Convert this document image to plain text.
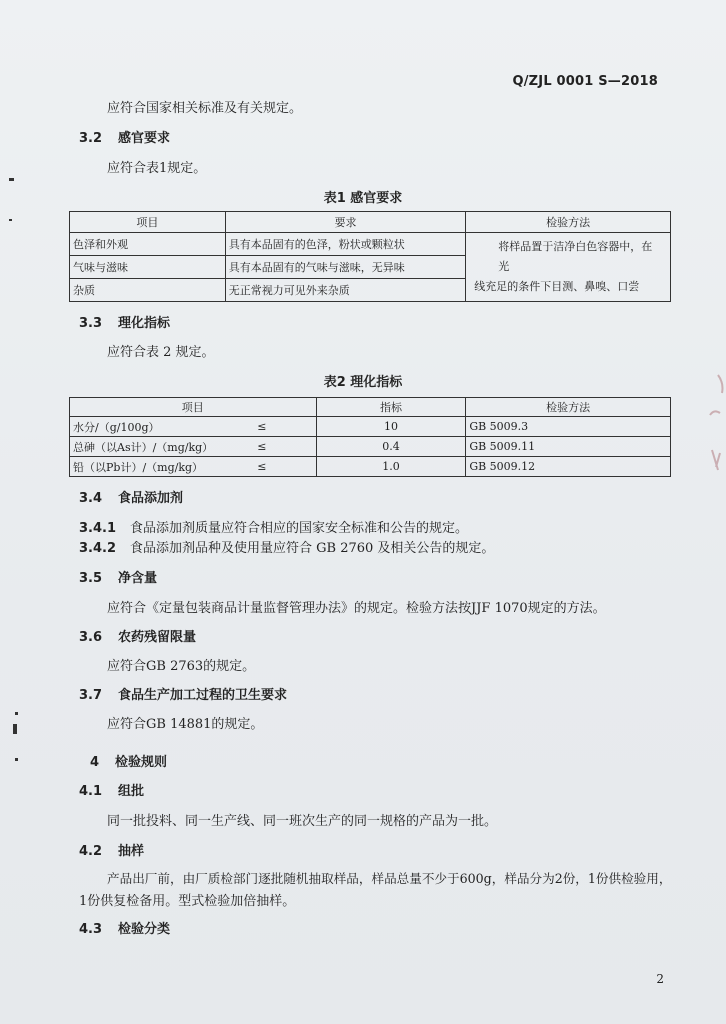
Q/ZJL 0001 S—2018
应符合国家相关标准及有关规定。
3.2 感官要求
应符合表1规定。
表1 感官要求
项目	要求	检验方法
色泽和外观	具有本品固有的色泽，粉状或颗粒状	将样品置于洁净白色容器中，在光
线充足的条件下目测、鼻嗅、口尝

气味与滋味	具有本品固有的气味与滋味，无异味	
杂质	无正常视力可见外来杂质	
3.3 理化指标
应符合表 2 规定。
表2 理化指标
项目		指标	检验方法
水分/（g/100g）	≤	10	GB 5009.3
总砷（以As计）/（mg/kg）	≤	0.4	GB 5009.11
铅（以Pb计）/（mg/kg）	≤	1.0	GB 5009.12
3.4 食品添加剂
3.4.1 食品添加剂质量应符合相应的国家安全标准和公告的规定。
3.4.2 食品添加剂品种及使用量应符合 GB 2760 及相关公告的规定。
3.5 净含量
应符合《定量包装商品计量监督管理办法》的规定。检验方法按JJF 1070规定的方法。
3.6 农药残留限量
应符合GB 2763的规定。
3.7 食品生产加工过程的卫生要求
应符合GB 14881的规定。
4 检验规则
4.1 组批
同一批投料、同一生产线、同一班次生产的同一规格的产品为一批。
4.2 抽样
产品出厂前，由厂质检部门逐批随机抽取样品，样品总量不少于600g，样品分为2份，1份供检验用，
1份供复检备用。型式检验加倍抽样。
4.3 检验分类
2
